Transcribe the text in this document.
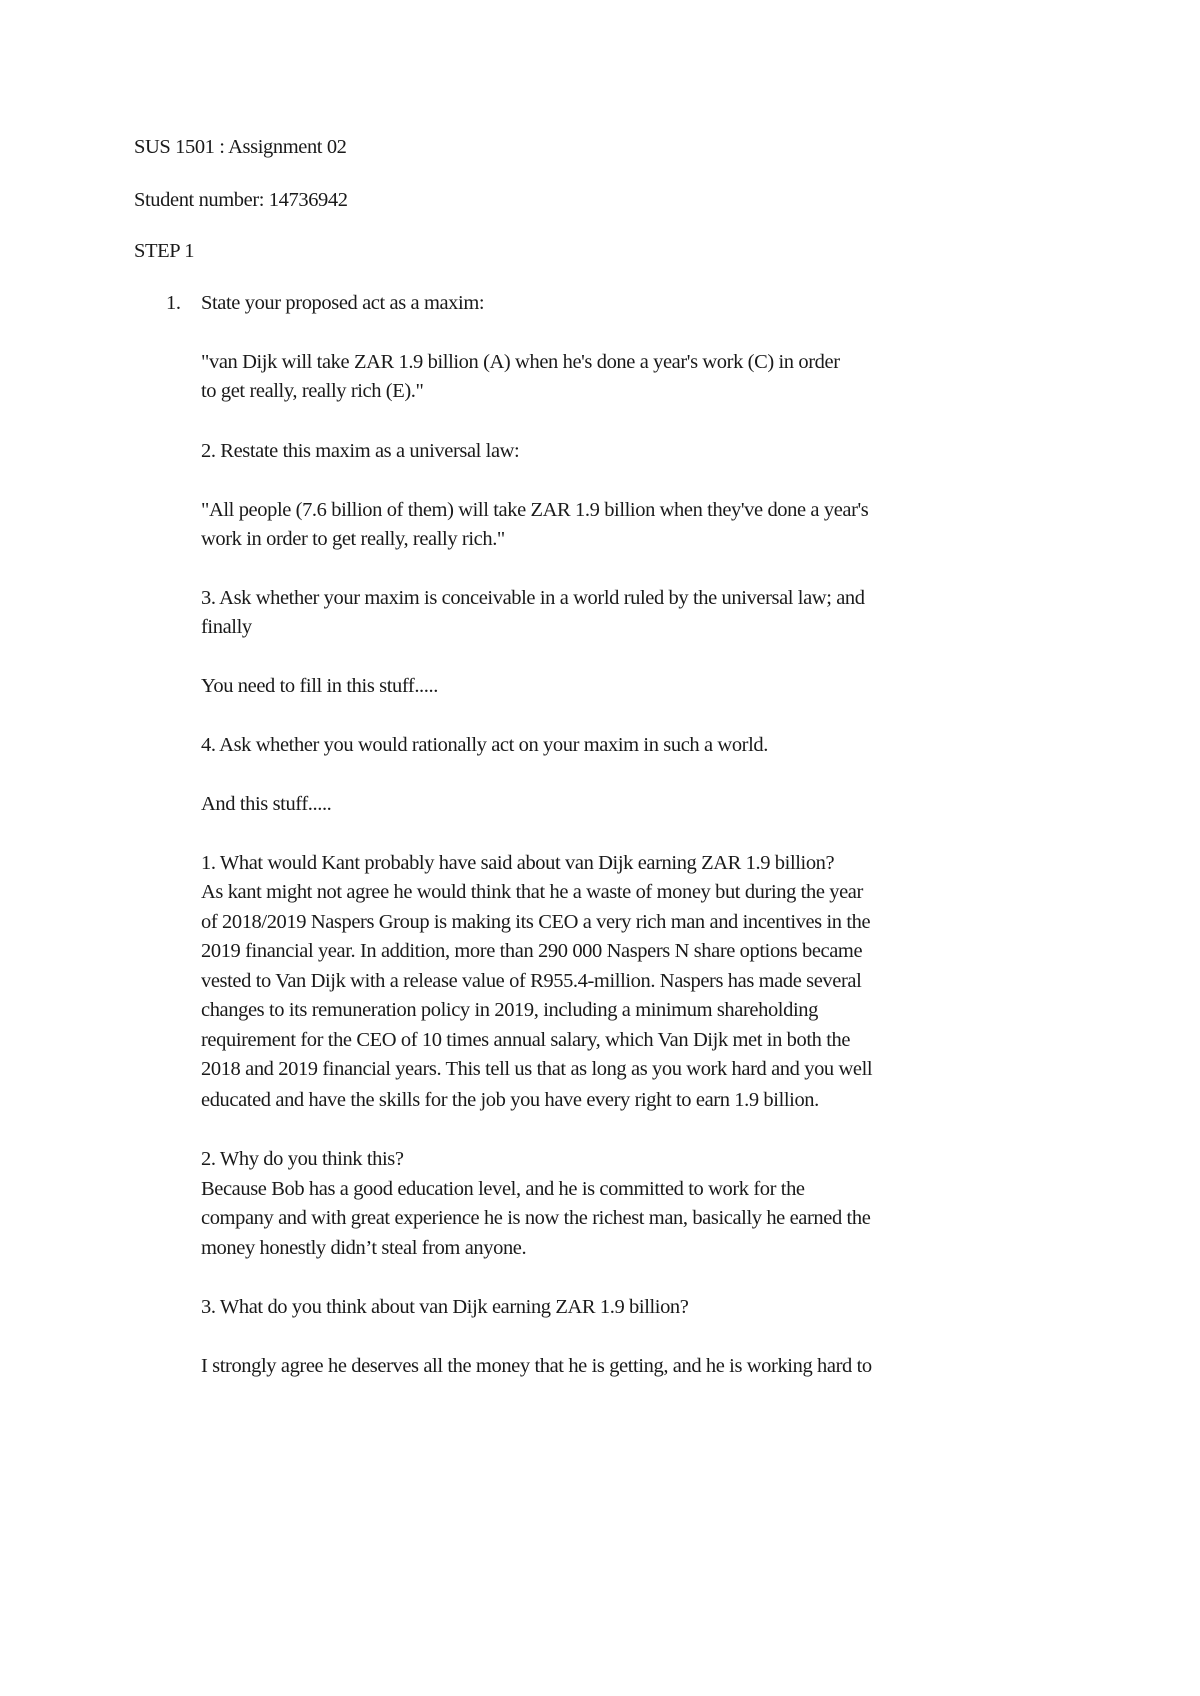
SUS 1501 : Assignment 02
Student number: 14736942
STEP 1
1. State your proposed act as a maxim:
"van Dijk will take ZAR 1.9 billion (A) when he's done a year's work (C) in order
to get really, really rich (E)."
2. Restate this maxim as a universal law:
"All people (7.6 billion of them) will take ZAR 1.9 billion when they've done a year's
work in order to get really, really rich."
3. Ask whether your maxim is conceivable in a world ruled by the universal law; and
finally
You need to fill in this stuff.....
4. Ask whether you would rationally act on your maxim in such a world.
And this stuff.....
1. What would Kant probably have said about van Dijk earning ZAR 1.9 billion?
As kant might not agree he would think that he a waste of money but during the year
of 2018/2019 Naspers Group is making its CEO a very rich man and incentives in the
2019 financial year. In addition, more than 290 000 Naspers N share options became
vested to Van Dijk with a release value of R955.4-million. Naspers has made several
changes to its remuneration policy in 2019, including a minimum shareholding
requirement for the CEO of 10 times annual salary, which Van Dijk met in both the
2018 and 2019 financial years. This tell us that as long as you work hard and you well
educated and have the skills for the job you have every right to earn 1.9 billion.
2. Why do you think this?
Because Bob has a good education level, and he is committed to work for the
company and with great experience he is now the richest man, basically he earned the
money honestly didn’t steal from anyone.
3. What do you think about van Dijk earning ZAR 1.9 billion?
I strongly agree he deserves all the money that he is getting, and he is working hard to
